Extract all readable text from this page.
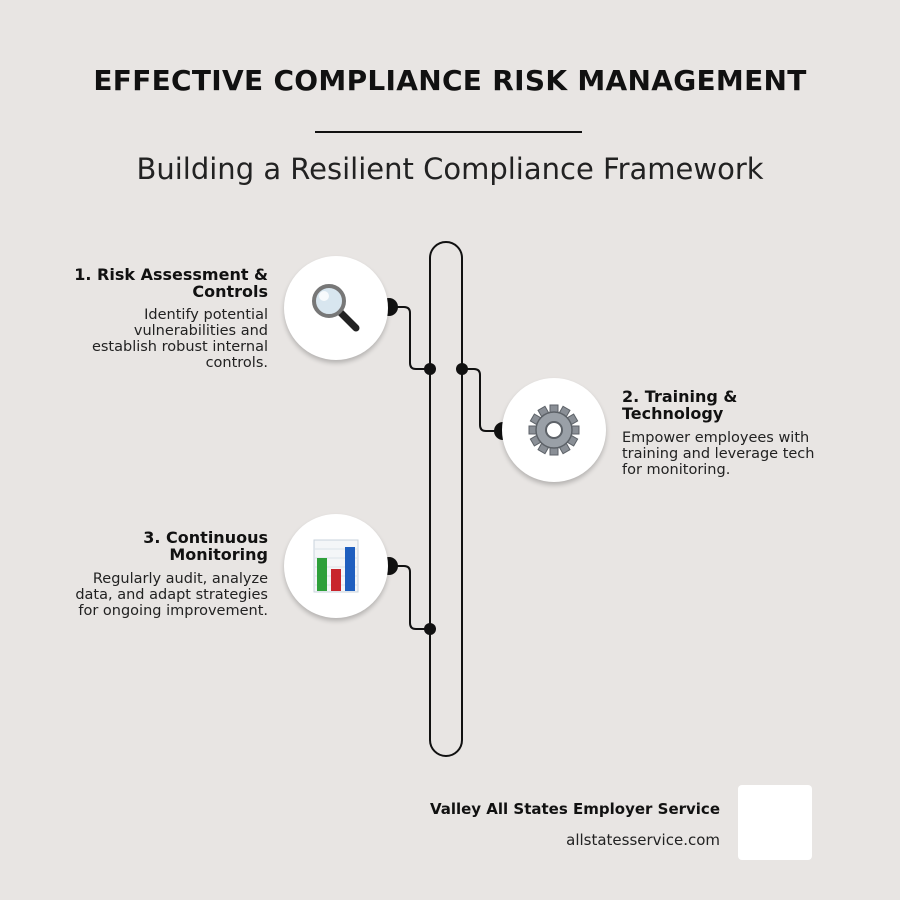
EFFECTIVE COMPLIANCE RISK MANAGEMENT
Building a Resilient Compliance Framework
1. Risk Assessment &
Controls
Identify potential
vulnerabilities and
establish robust internal
controls.
2. Training &
Technology
Empower employees with
training and leverage tech
for monitoring.
3. Continuous
Monitoring
Regularly audit, analyze
data, and adapt strategies
for ongoing improvement.
Valley All States Employer Service
allstatesservice.com
